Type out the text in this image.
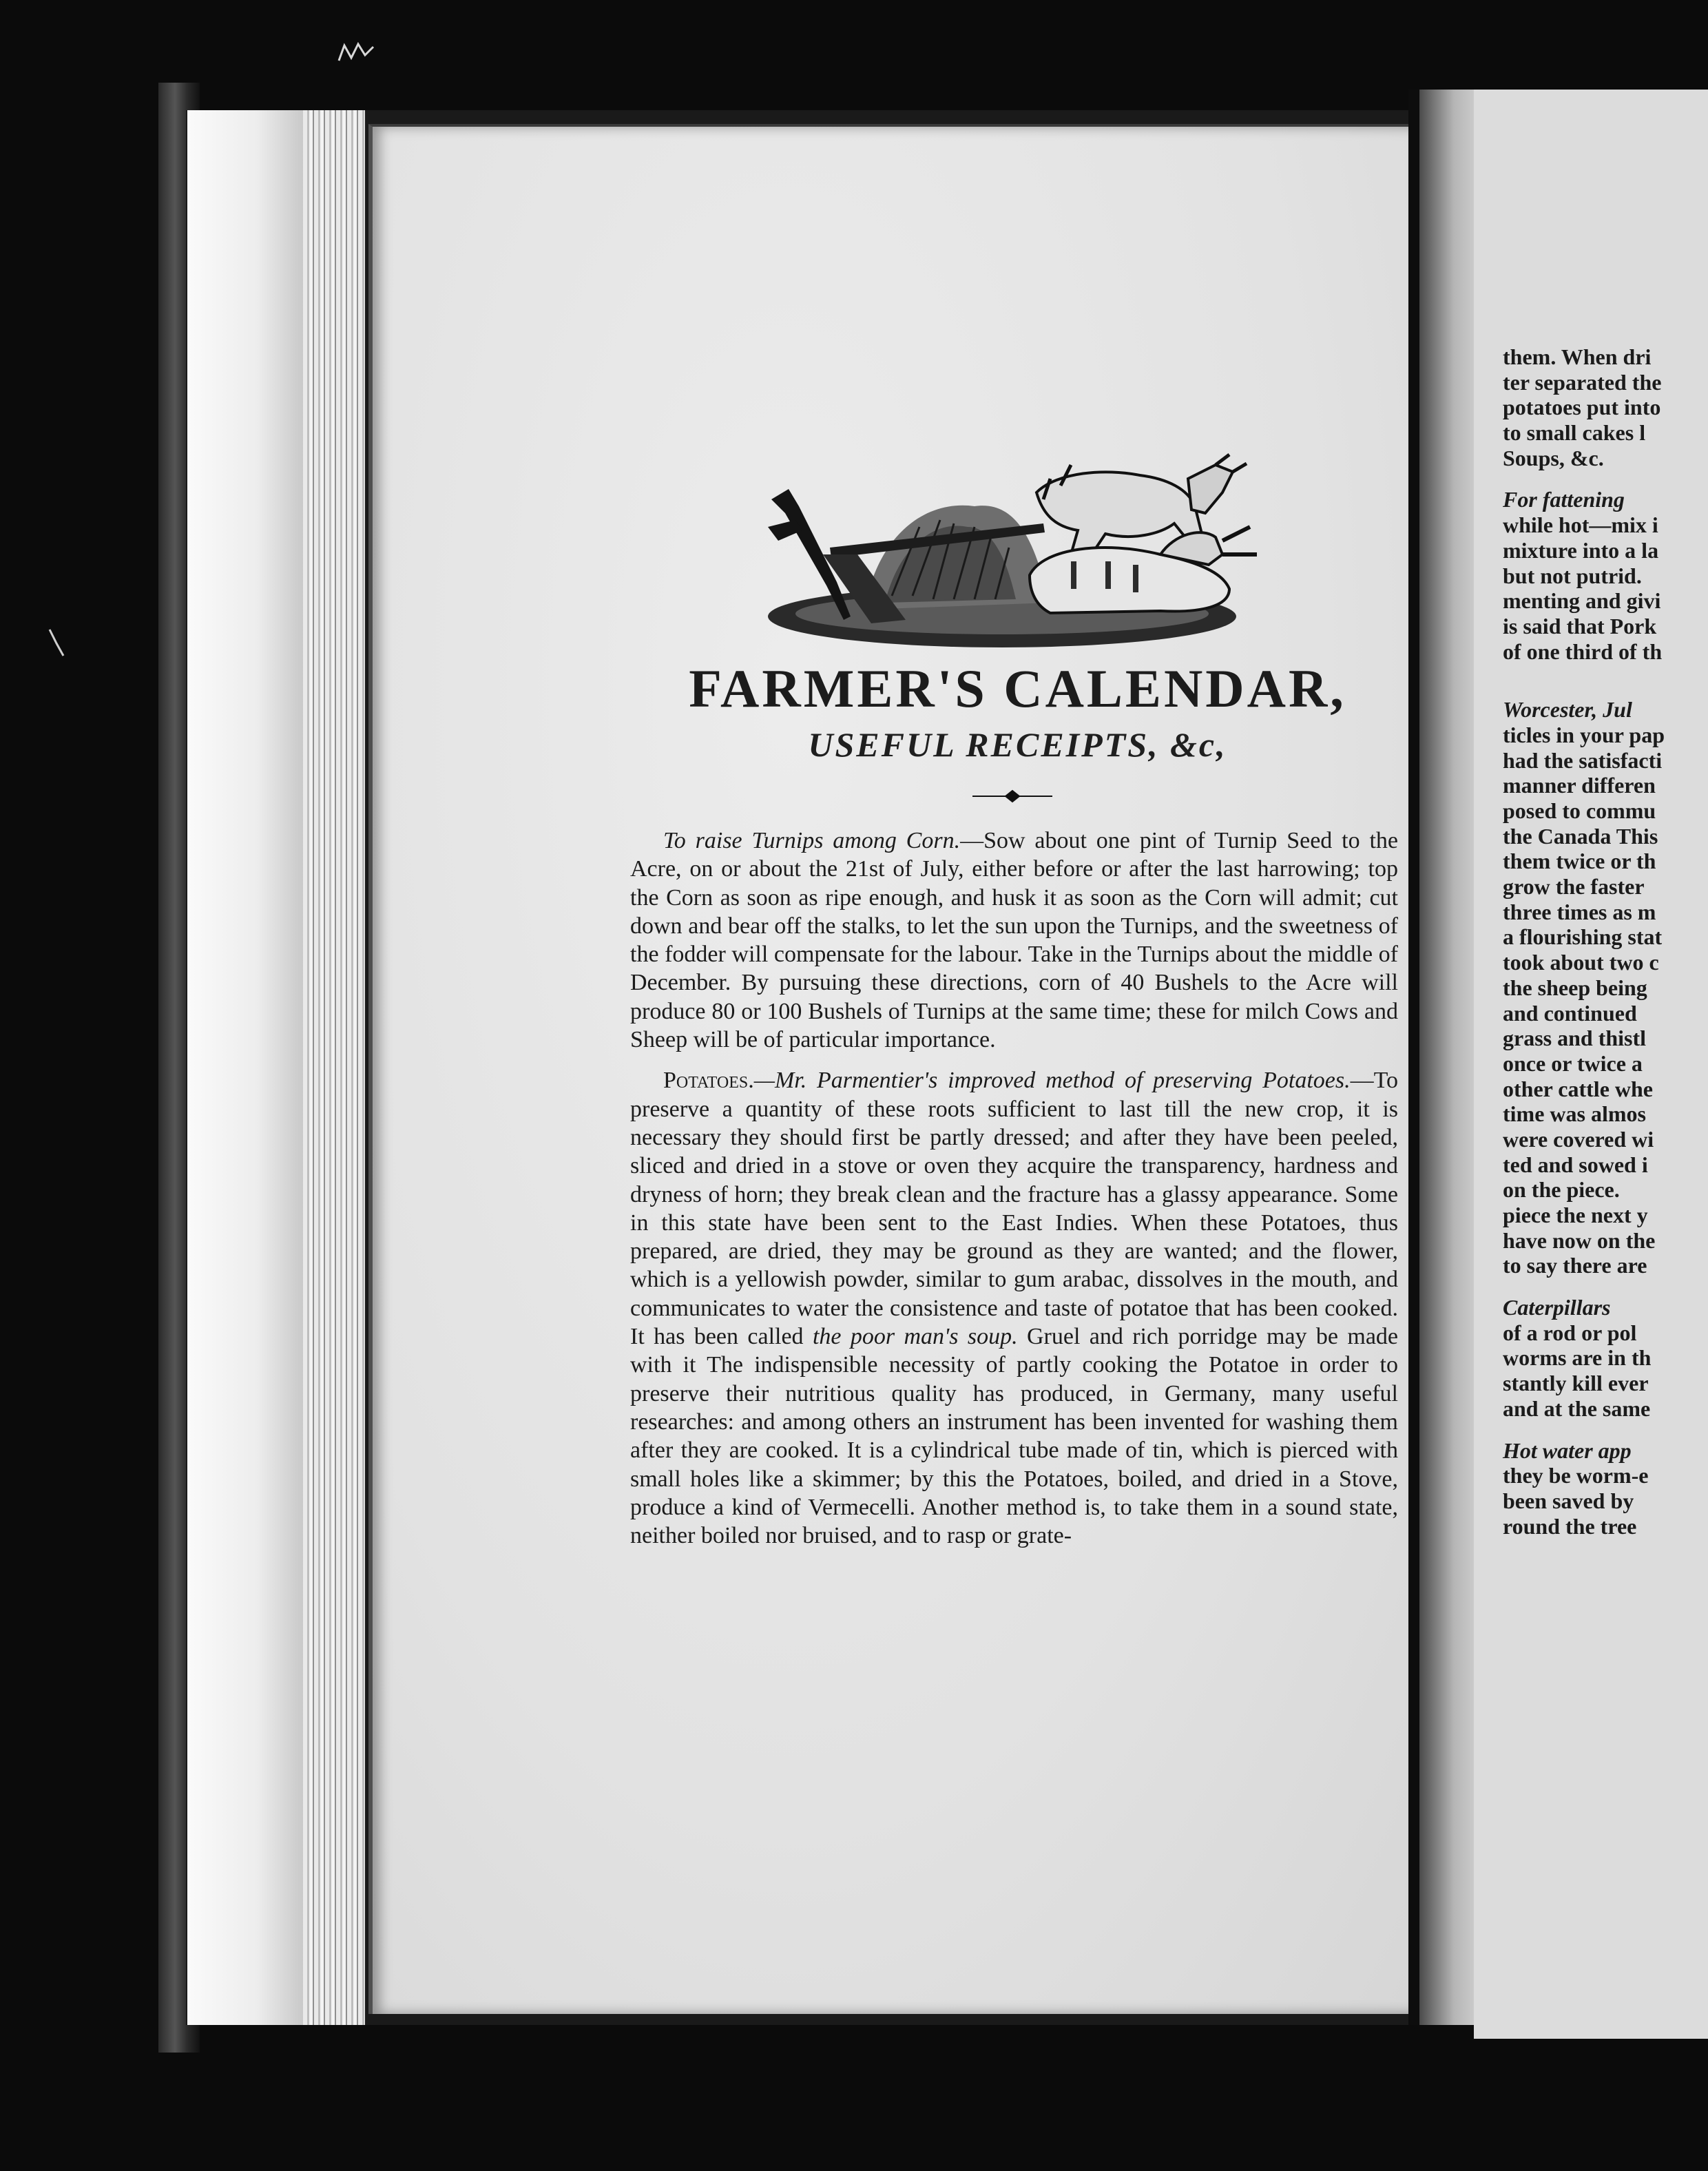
FARMER'S CALENDAR,
USEFUL RECEIPTS, &c,

To raise Turnips among Corn.—Sow about one pint of Turnip Seed to the Acre, on or about the 21st of July, either before or after the last harrowing; top the Corn as soon as ripe enough, and husk it as soon as the Corn will admit; cut down and bear off the stalks, to let the sun upon the Turnips, and the sweetness of the fodder will compensate for the labour. Take in the Turnips about the middle of December. By pursuing these directions, corn of 40 Bushels to the Acre will produce 80 or 100 Bushels of Turnips at the same time; these for milch Cows and Sheep will be of particular importance.

Potatoes.—Mr. Parmentier's improved method of preserving Potatoes.—To preserve a quantity of these roots sufficient to last till the new crop, it is necessary they should first be partly dressed; and after they have been peeled, sliced and dried in a stove or oven they acquire the transparency, hardness and dryness of horn; they break clean and the fracture has a glassy appearance. Some in this state have been sent to the East Indies. When these Potatoes, thus prepared, are dried, they may be ground as they are wanted; and the flower, which is a yellowish powder, similar to gum arabac, dissolves in the mouth, and communicates to water the consistence and taste of potatoe that has been cooked. It has been called the poor man's soup. Gruel and rich porridge may be made with it The indispensible necessity of partly cooking the Potatoe in order to preserve their nutritious quality has produced, in Germany, many useful researches: and among others an instrument has been invented for washing them after they are cooked. It is a cylindrical tube made of tin, which is pierced with small holes like a skimmer; by this the Potatoes, boiled, and dried in a Stove, produce a kind of Vermecelli. Another method is, to take them in a sound state, neither boiled nor bruised, and to rasp or grate-

them. When dri
ter separated the
potatoes put into
to small cakes l
Soups, &c.
For fattening
while hot—mix i
mixture into a la
but not putrid.
menting and givi
is said that Pork
of one third of th
Worcester, Jul
ticles in your pap
had the satisfacti
manner differen
posed to commu
the Canada This
them twice or th
grow the faster
three times as m
a flourishing stat
took about two c
the sheep being
and continued
grass and thistl
once or twice a
other cattle whe
time was almos
were covered wi
ted and sowed i
on the piece.
piece the next y
have now on the
to say there are
Caterpillars
of a rod or pol
worms are in th
stantly kill ever
and at the same
Hot water app
they be worm-e
been saved by
round the tree
